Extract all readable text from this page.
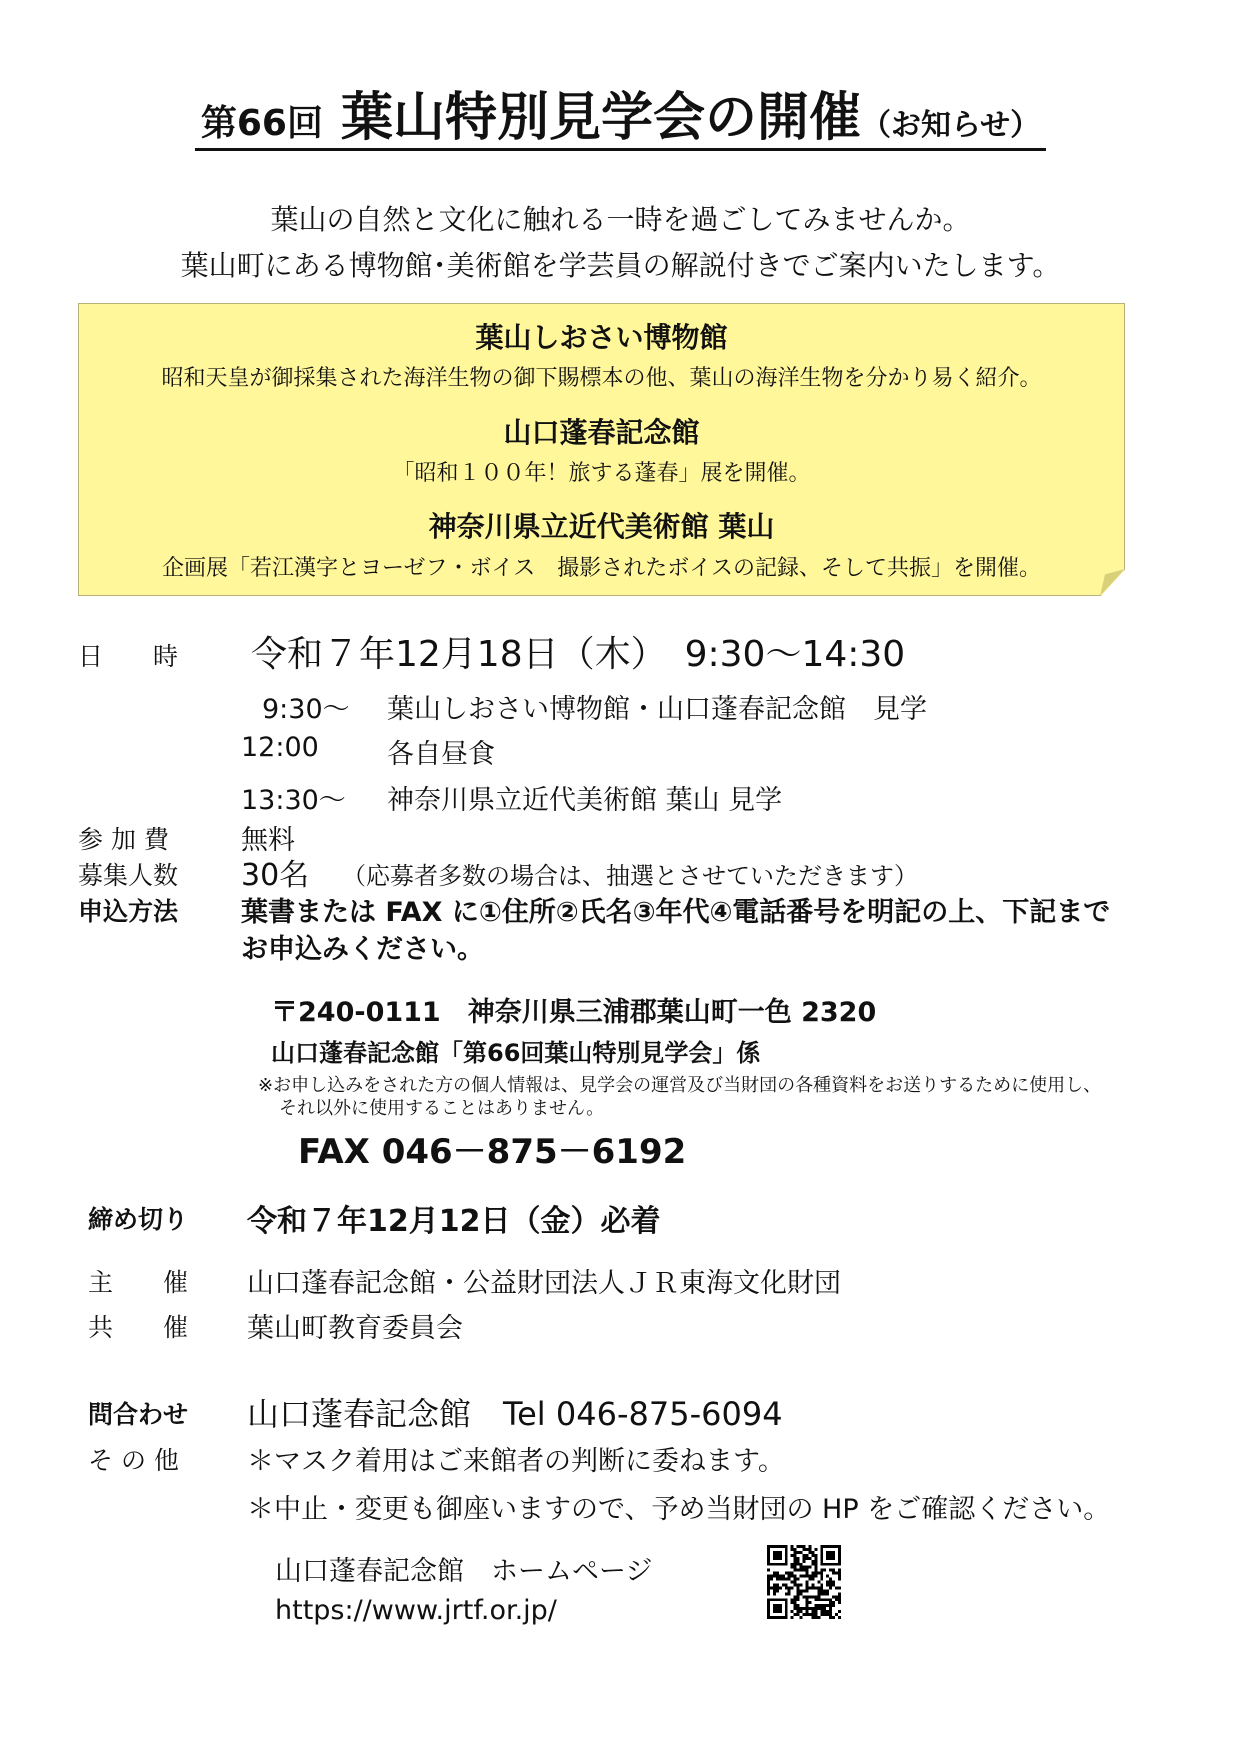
第66回 葉山特別見学会の開催（お知らせ）
葉山の自然と文化に触れる一時を過ごしてみませんか。
葉山町にある博物館･美術館を学芸員の解説付きでご案内いたします。
葉山しおさい博物館
昭和天皇が御採集された海洋生物の御下賜標本の他、葉山の海洋生物を分かり易く紹介。
山口蓬春記念館
「昭和１００年！旅する蓬春」展を開催。
神奈川県立近代美術館 葉山
企画展「若江漢字とヨーゼフ・ボイス　撮影されたボイスの記録、そして共振」を開催。
日　　時 令和７年12月18日（木）　9:30～14:30
9:30～ 葉山しおさい博物館・山口蓬春記念館　見学
12:00	各自昼食
13:30～ 神奈川県立近代美術館 葉山 見学
参 加 費	無料
募集人数 30名 （応募者多数の場合は、抽選とさせていただきます）
申込方法 葉書または FAX に①住所②氏名③年代④電話番号を明記の上、下記まで
お申込みください。
〒240-0111　神奈川県三浦郡葉山町一色 2320
山口蓬春記念館「第66回葉山特別見学会」係
※お申し込みをされた方の個人情報は、見学会の運営及び当財団の各種資料をお送りするために使用し、
それ以外に使用することはありません。
FAX 046－875－6192
締め切り 令和７年12月12日（金）必着
主　　催 山口蓬春記念館・公益財団法人ＪＲ東海文化財団
共　　催 葉山町教育委員会
問合わせ 山口蓬春記念館　Tel 046-875-6094
そ の 他	＊マスク着用はご来館者の判断に委ねます。
＊中止・変更も御座いますので、予め当財団の HP をご確認ください。
山口蓬春記念館　ホームページ
https://www.jrtf.or.jp/
